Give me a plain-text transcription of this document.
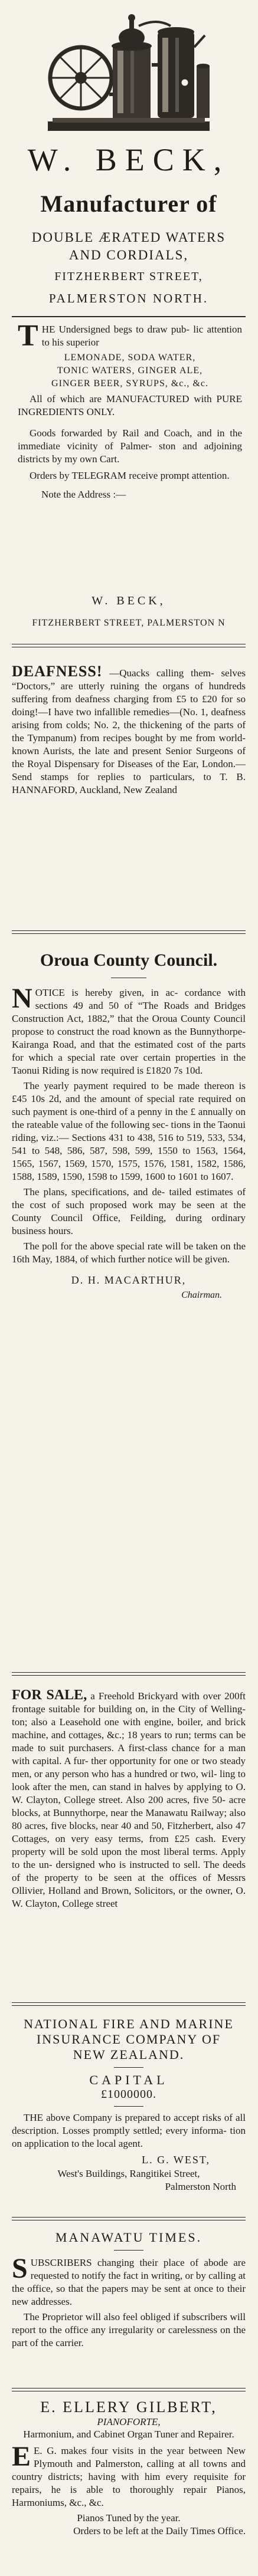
W. BECK,
Manufacturer of
DOUBLE ÆRATED WATERS
AND CORDIALS,
FITZHERBERT STREET,
PALMERSTON NORTH.
T HE Undersigned begs to draw pub- lic attention to his superior
LEMONADE, SODA WATER,
TONIC WATERS, GINGER ALE,
GINGER BEER, SYRUPS, &c., &c.
All of which are MANUFACTURED with PURE INGREDIENTS ONLY.
Goods forwarded by Rail and Coach, and in the immediate vicinity of Palmer- ston and adjoining districts by my own Cart.
Orders by TELEGRAM receive prompt attention.
Note the Address :—
W. BECK,
FITZHERBERT STREET, PALMERSTON N
DEAFNESS! —Quacks calling them- selves “Doctors,” are utterly ruining the organs of hundreds suffering from deafness charging from £5 to £20 for so doing!—I have two infallible remedies—(No. 1, deafness arising from colds; No. 2, the thickening of the parts of the Tympanum) from recipes bought by me from world-known Aurists, the late and present Senior Surgeons of the Royal Dispensary for Diseases of the Ear, London.—Send stamps for replies to particulars, to T. B. HANNAFORD, Auckland, New Zealand
Oroua County Council.
N OTICE is hereby given, in ac- cordance with sections 49 and 50 of “The Roads and Bridges Construction Act, 1882,” that the Oroua County Council propose to construct the road known as the Bunnythorpe-Kairanga Road, and that the estimated cost of the parts for which a special rate over certain properties in the Taonui Riding is now required is £1820 7s 10d.
The yearly payment required to be made thereon is £45 10s 2d, and the amount of special rate required on such payment is one-third of a penny in the £ annually on the rateable value of the following sec- tions in the Taonui riding, viz.:— Sections 431 to 438, 516 to 519, 533, 534, 541 to 548, 586, 587, 598, 599, 1550 to 1563, 1564, 1565, 1567, 1569, 1570, 1575, 1576, 1581, 1582, 1586, 1588, 1589, 1590, 1598 to 1599, 1600 to 1601 to 1607.
The plans, specifications, and de- tailed estimates of the cost of such proposed work may be seen at the County Council Office, Feilding, during ordinary business hours.
The poll for the above special rate will be taken on the 16th May, 1884, of which further notice will be given.
D. H. MACARTHUR,
Chairman.
FOR SALE, a Freehold Brickyard with over 200ft frontage suitable for building on, in the City of Welling- ton; also a Leasehold one with engine, boiler, and brick machine, and cottages, &c.; 18 years to run; terms can be made to suit purchasers. A first-class chance for a man with capital. A fur- ther opportunity for one or two steady men, or any person who has a hundred or two, wil- ling to look after the men, can stand in halves by applying to O. W. Clayton, College street. Also 200 acres, five 50- acre blocks, at Bunnythorpe, near the Manawatu Railway; also 80 acres, five blocks, near 40 and 50, Fitzherbert, also 47 Cottages, on very easy terms, from £25 cash. Every property will be sold upon the most liberal terms. Apply to the un- dersigned who is instructed to sell. The deeds of the property to be seen at the offices of Messrs Ollivier, Holland and Brown, Solicitors, or the owner, O. W. Clayton, College street
NATIONAL FIRE AND MARINE
INSURANCE COMPANY OF
NEW ZEALAND.
CAPITAL
£1000000.
THE above Company is prepared to accept risks of all description. Losses promptly settled; every informa- tion on application to the local agent.
L. G. WEST,
West's Buildings, Rangitikei Street,
Palmerston North
MANAWATU TIMES.
S UBSCRIBERS changing their place of abode are requested to notify the fact in writing, or by calling at the office, so that the papers may be sent at once to their new addresses.
The Proprietor will also feel obliged if subscribers will report to the office any irregularity or carelessness on the part of the carrier.
E. ELLERY GILBERT,
PIANOFORTE,
Harmonium, and Cabinet Organ Tuner and Repairer.
E E. G. makes four visits in the year between New Plymouth and Palmerston, calling at all towns and country districts; having with him every requisite for repairs, he is able to thoroughly repair Pianos, Harmoniums, &c., &c.
Pianos Tuned by the year.
Orders to be left at the Daily Times Office.
